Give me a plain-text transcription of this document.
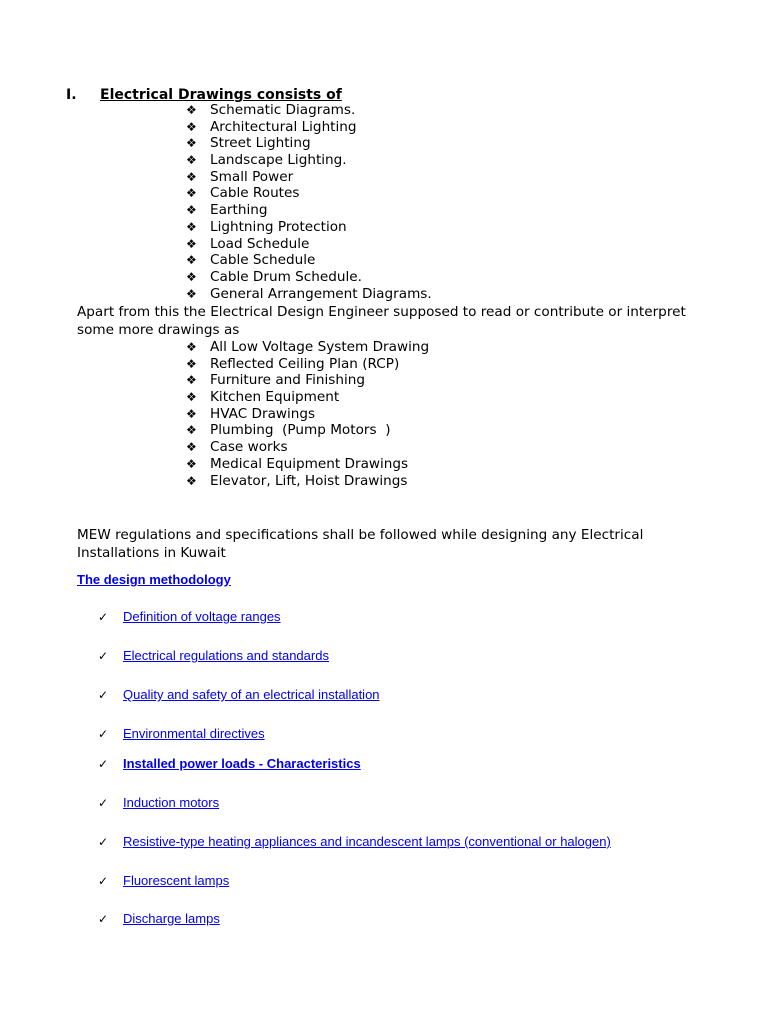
I. Electrical Drawings consists of
❖ Schematic Diagrams.
❖ Architectural Lighting
❖ Street Lighting
❖ Landscape Lighting.
❖ Small Power
❖ Cable Routes
❖ Earthing
❖ Lightning Protection
❖ Load Schedule
❖ Cable Schedule
❖ Cable Drum Schedule.
❖ General Arrangement Diagrams.

Apart from this the Electrical Design Engineer supposed to read or contribute or interpret some more drawings as

❖ All Low Voltage System Drawing
❖ Reflected Ceiling Plan (RCP)
❖ Furniture and Finishing
❖ Kitchen Equipment
❖ HVAC Drawings
❖ Plumbing  (Pump Motors  )
❖ Case works
❖ Medical Equipment Drawings
❖ Elevator, Lift, Hoist Drawings

MEW regulations and specifications shall be followed while designing any Electrical Installations in Kuwait

The design methodology
✓ Definition of voltage ranges
✓ Electrical regulations and standards
✓ Quality and safety of an electrical installation
✓ Environmental directives
✓ Installed power loads - Characteristics
✓ Induction motors
✓ Resistive-type heating appliances and incandescent lamps (conventional or halogen)
✓ Fluorescent lamps
✓ Discharge lamps
